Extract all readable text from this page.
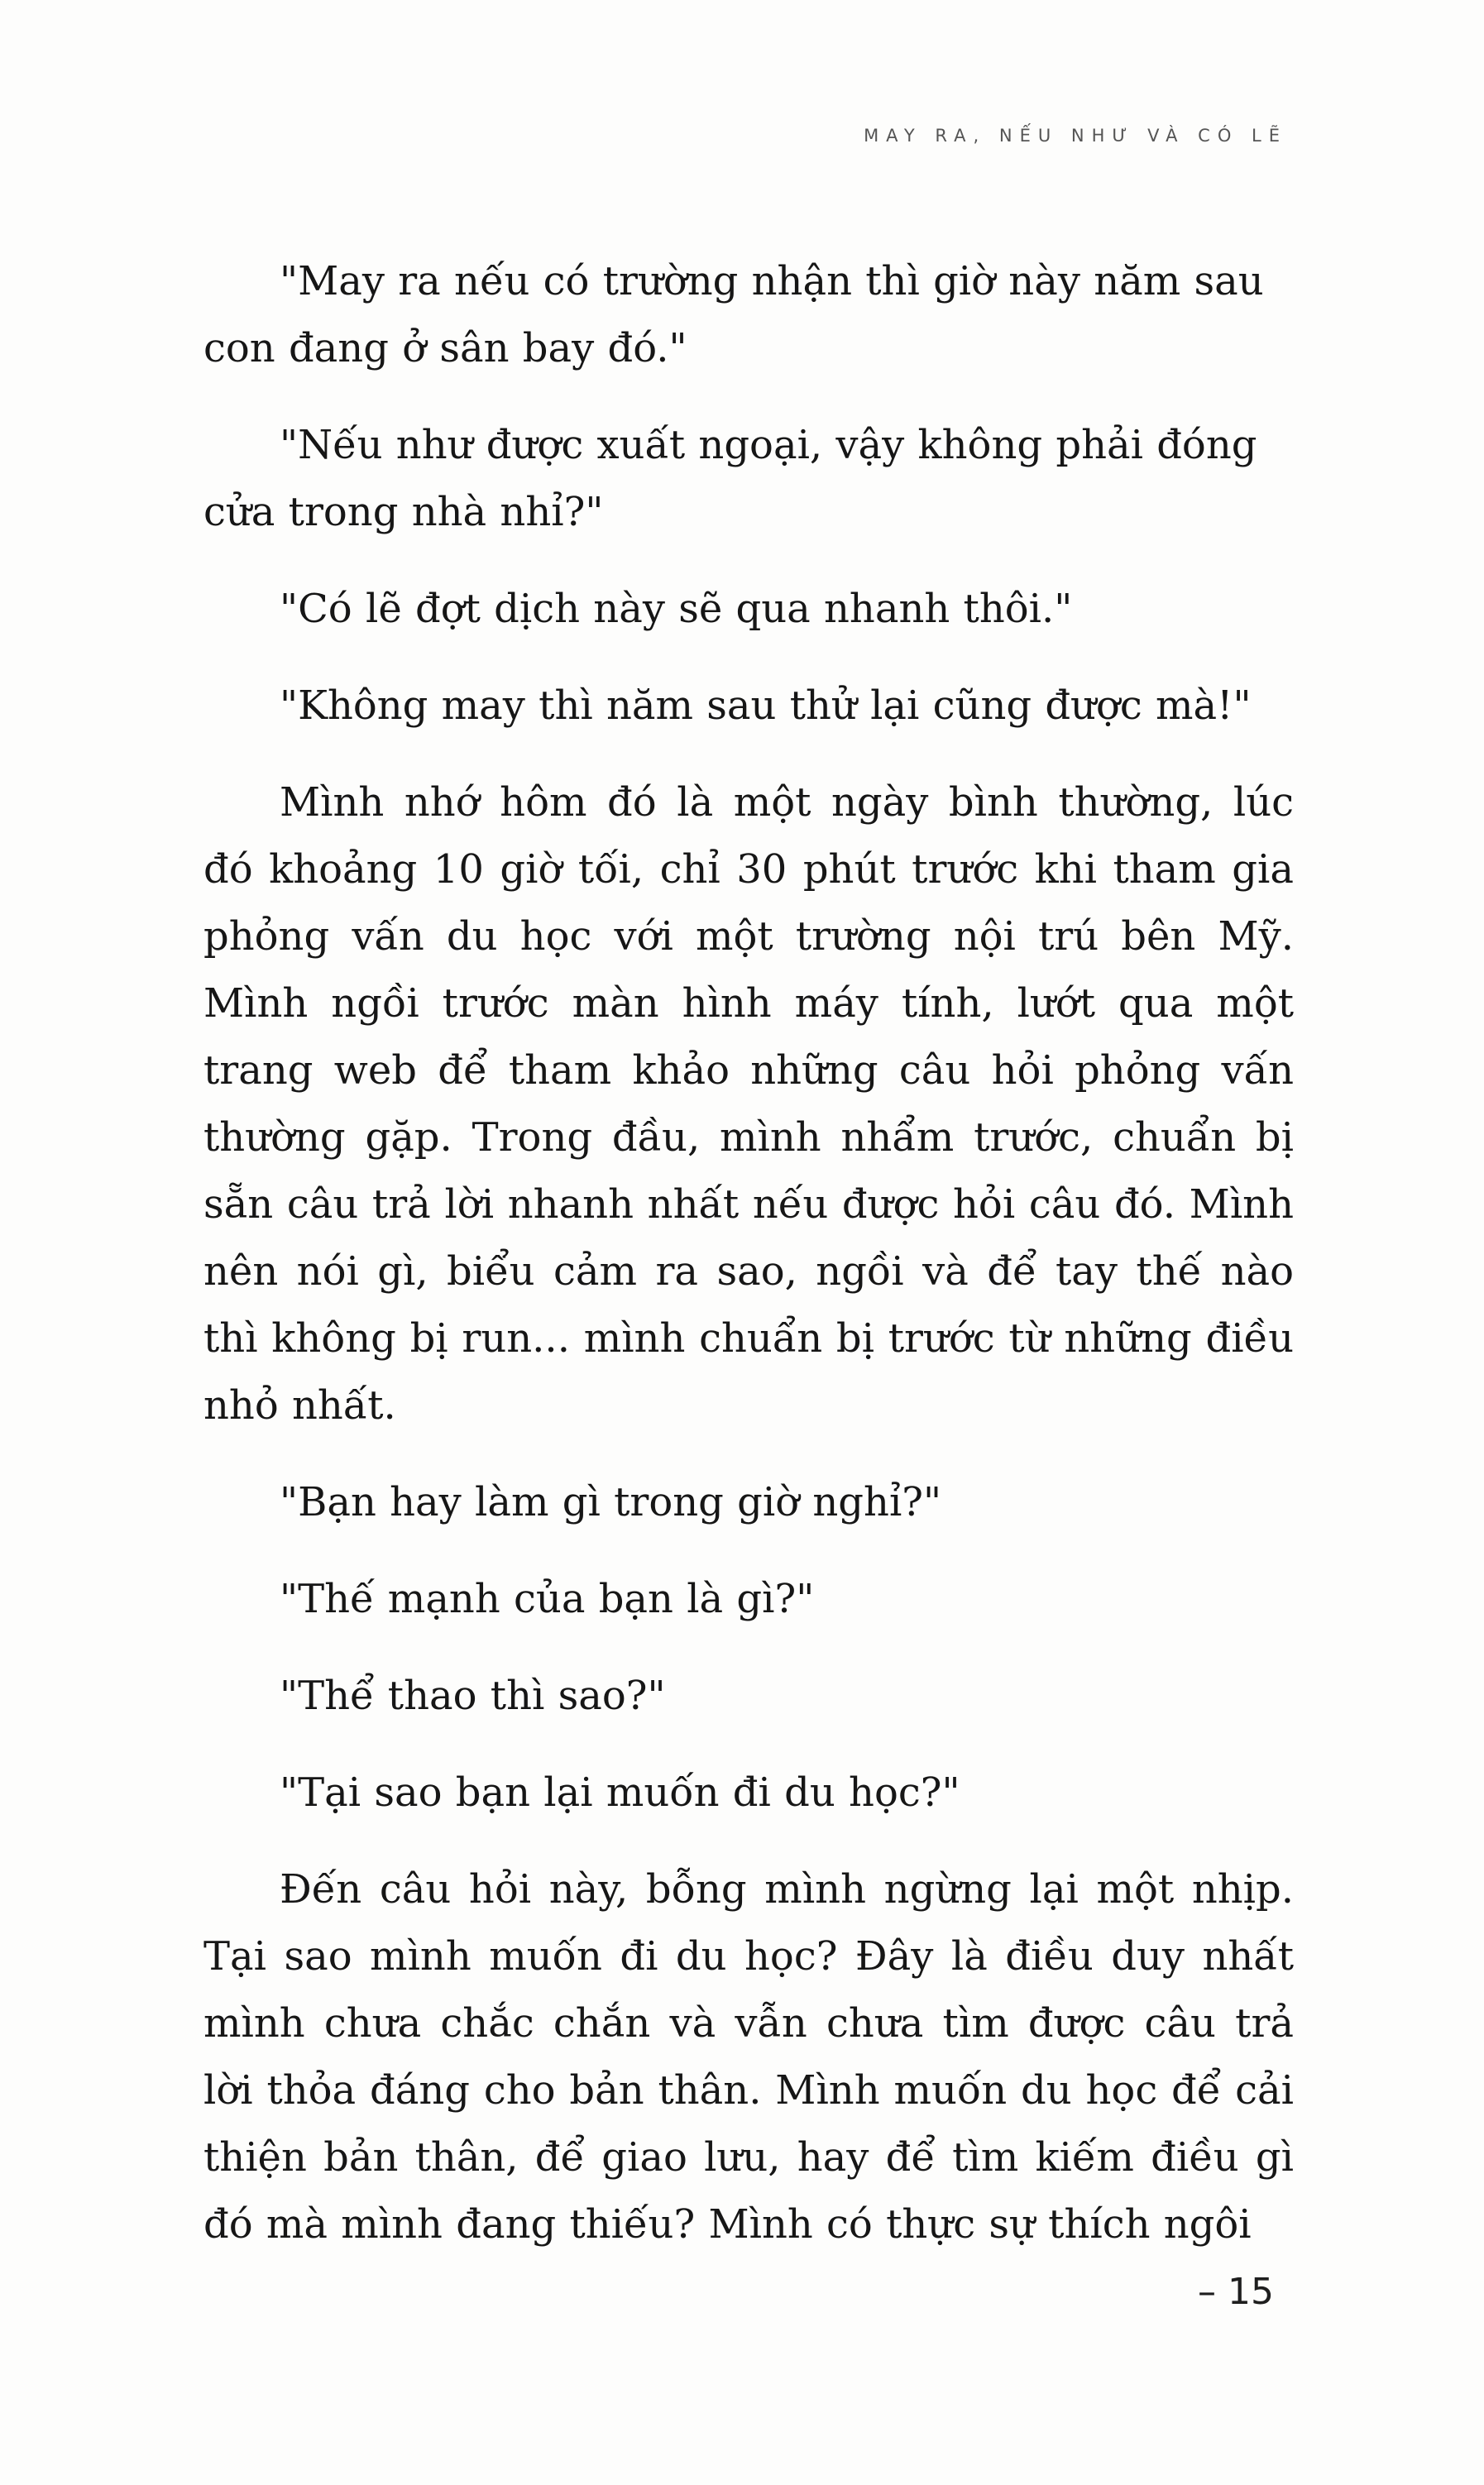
MAY RA, NẾU NHƯ VÀ CÓ LẼ

"May ra nếu có trường nhận thì giờ này năm sau con đang ở sân bay đó."

"Nếu như được xuất ngoại, vậy không phải đóng cửa trong nhà nhỉ?"

"Có lẽ đợt dịch này sẽ qua nhanh thôi."

"Không may thì năm sau thử lại cũng được mà!"

Mình nhớ hôm đó là một ngày bình thường, lúc đó khoảng 10 giờ tối, chỉ 30 phút trước khi tham gia phỏng vấn du học với một trường nội trú bên Mỹ. Mình ngồi trước màn hình máy tính, lướt qua một trang web để tham khảo những câu hỏi phỏng vấn thường gặp. Trong đầu, mình nhẩm trước, chuẩn bị sẵn câu trả lời nhanh nhất nếu được hỏi câu đó. Mình nên nói gì, biểu cảm ra sao, ngồi và để tay thế nào thì không bị run... mình chuẩn bị trước từ những điều nhỏ nhất.

"Bạn hay làm gì trong giờ nghỉ?"

"Thế mạnh của bạn là gì?"

"Thể thao thì sao?"

"Tại sao bạn lại muốn đi du học?"

Đến câu hỏi này, bỗng mình ngừng lại một nhịp. Tại sao mình muốn đi du học? Đây là điều duy nhất mình chưa chắc chắn và vẫn chưa tìm được câu trả lời thỏa đáng cho bản thân. Mình muốn du học để cải thiện bản thân, để giao lưu, hay để tìm kiếm điều gì đó mà mình đang thiếu? Mình có thực sự thích ngôi

– 15
